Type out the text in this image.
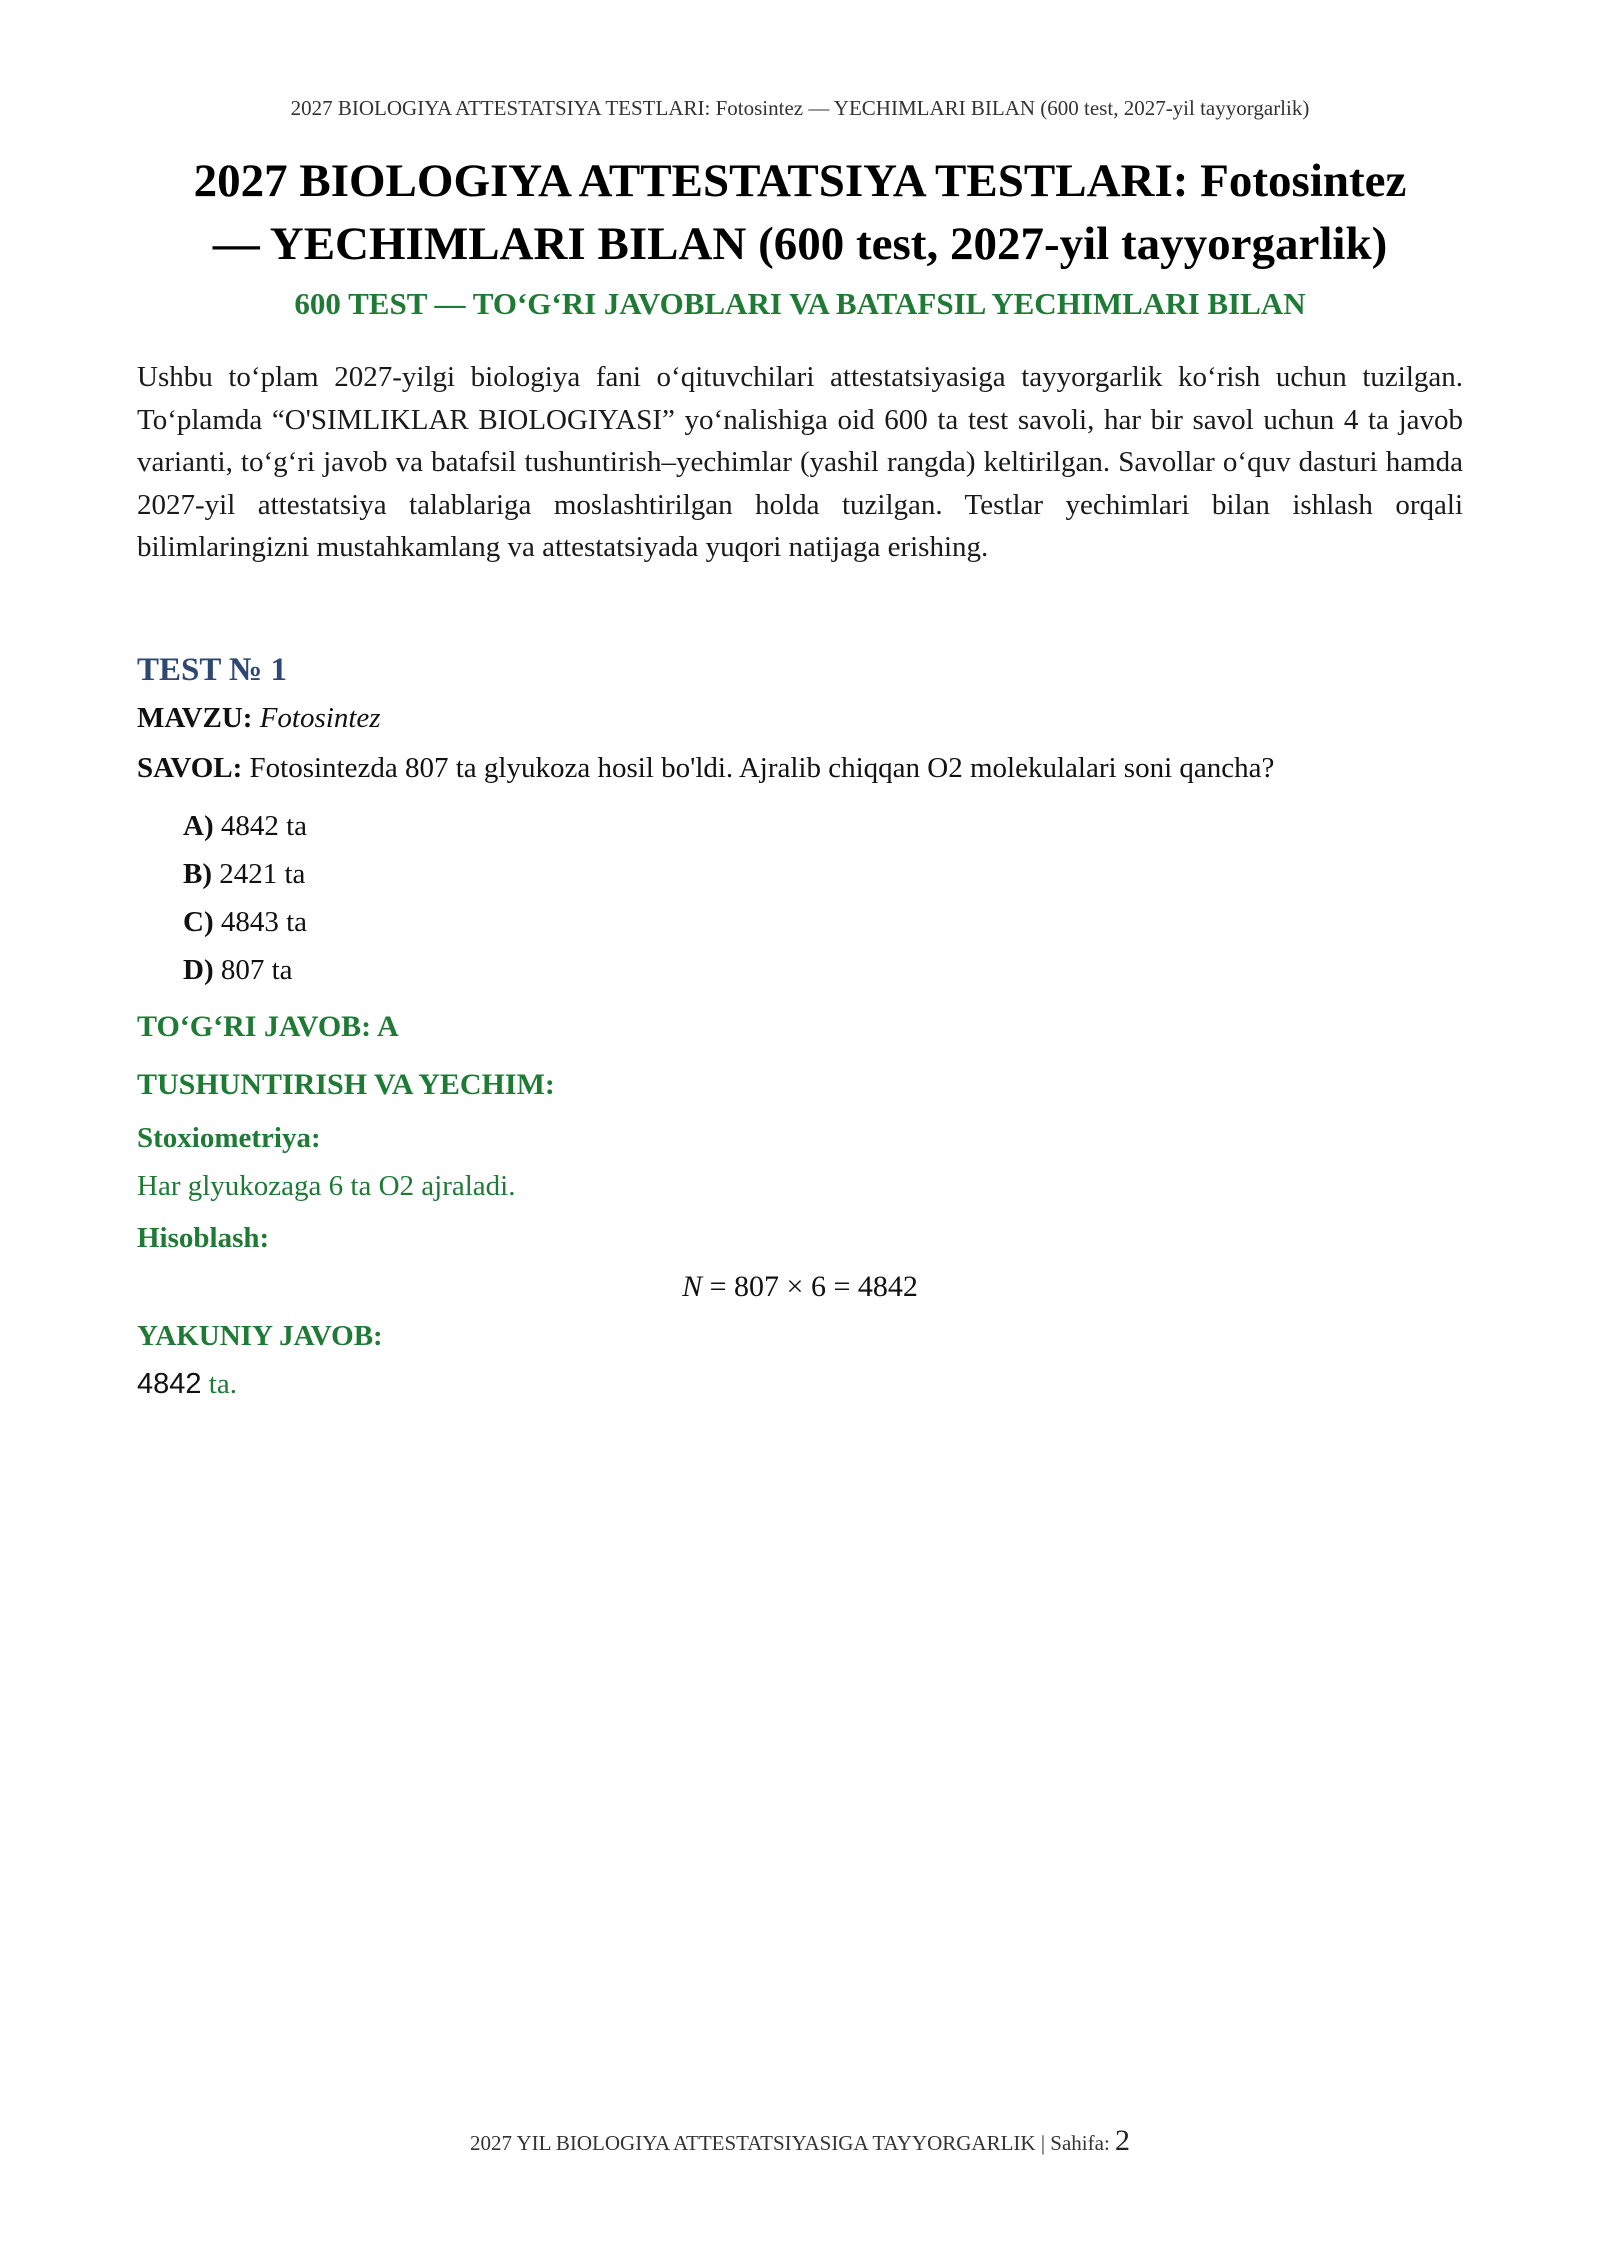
2027 BIOLOGIYA ATTESTATSIYA TESTLARI: Fotosintez — YECHIMLARI BILAN (600 test, 2027-yil tayyorgarlik)
2027 BIOLOGIYA ATTESTATSIYA TESTLARI: Fotosintez
— YECHIMLARI BILAN (600 test, 2027-yil tayyorgarlik)
600 TEST — TO‘G‘RI JAVOBLARI VA BATAFSIL YECHIMLARI BILAN
Ushbu to‘plam 2027-yilgi biologiya fani o‘qituvchilari attestatsiyasiga tayyorgarlik ko‘rish uchun tuzilgan. To‘plamda “O'SIMLIKLAR BIOLOGIYASI” yo‘nalishiga oid 600 ta test savoli, har bir savol uchun 4 ta javob varianti, to‘g‘ri javob va batafsil tushuntirish–yechimlar (yashil rangda) keltirilgan. Savollar o‘quv dasturi hamda 2027-yil attestatsiya talablariga moslashtirilgan holda tuzilgan. Testlar yechimlari bilan ishlash orqali bilimlaringizni mustahkamlang va attestatsiyada yuqori natijaga erishing.
TEST № 1
MAVZU: Fotosintez
SAVOL: Fotosintezda 807 ta glyukoza hosil bo'ldi. Ajralib chiqqan O2 molekulalari soni qancha?
A) 4842 ta
B) 2421 ta
C) 4843 ta
D) 807 ta
TO‘G‘RI JAVOB: A
TUSHUNTIRISH VA YECHIM:
Stoxiometriya:
Har glyukozaga 6 ta O2 ajraladi.
Hisoblash:
N = 807 × 6 = 4842
YAKUNIY JAVOB:
4842 ta.
2027 YIL BIOLOGIYA ATTESTATSIYASIGA TAYYORGARLIK | Sahifa: 2
